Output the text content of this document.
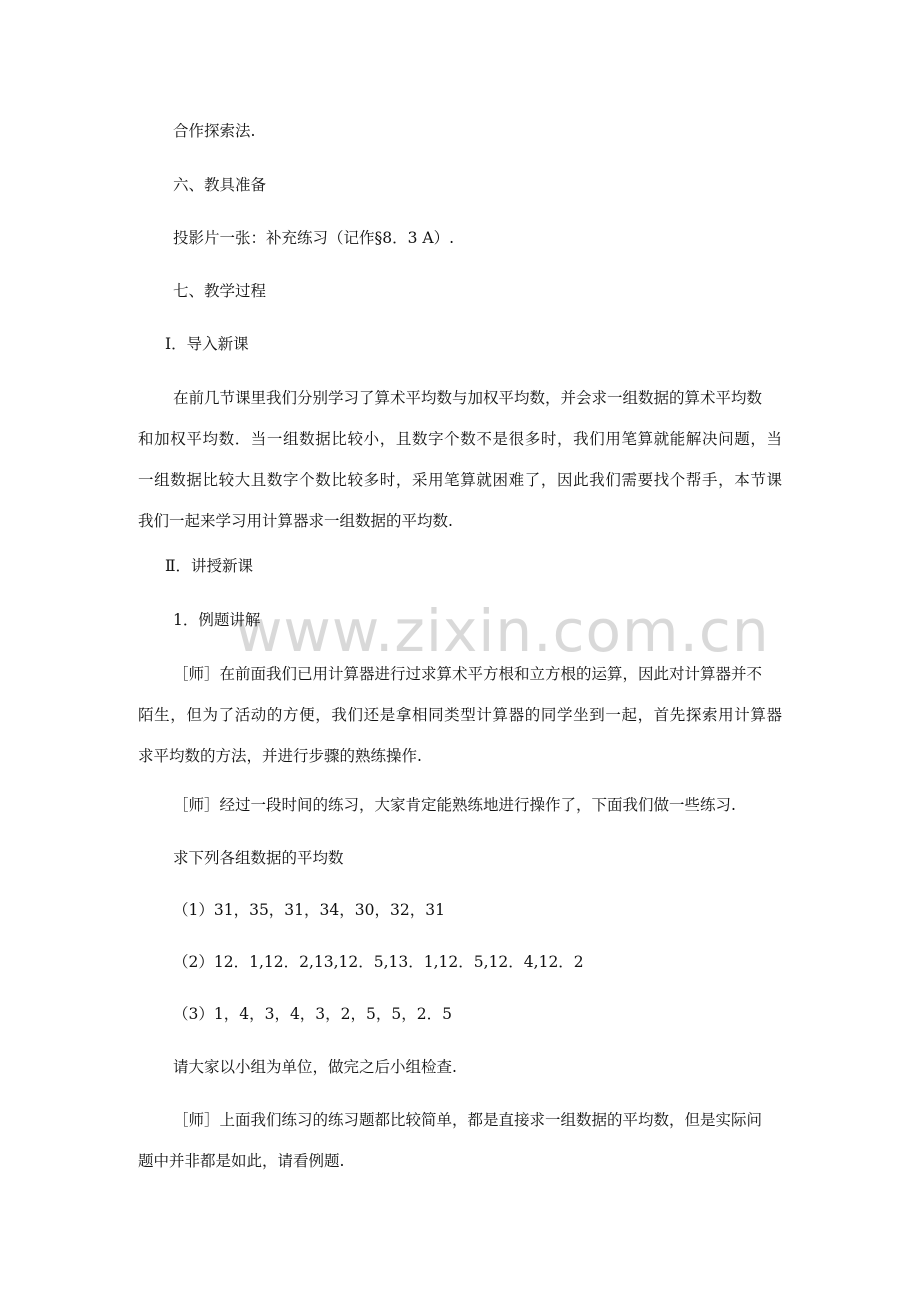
www.zixin.com.cn
合作探索法.
六、教具准备
投影片一张：补充练习（记作§8．3 A）.
七、教学过程
Ⅰ．导入新课
在前几节课里我们分别学习了算术平均数与加权平均数，并会求一组数据的算术平均数
和加权平均数．当一组数据比较小，且数字个数不是很多时，我们用笔算就能解决问题，当
一组数据比较大且数字个数比较多时，采用笔算就困难了，因此我们需要找个帮手，本节课
我们一起来学习用计算器求一组数据的平均数.
Ⅱ．讲授新课
1．例题讲解
［师］在前面我们已用计算器进行过求算术平方根和立方根的运算，因此对计算器并不
陌生，但为了活动的方便，我们还是拿相同类型计算器的同学坐到一起，首先探索用计算器
求平均数的方法，并进行步骤的熟练操作.
［师］经过一段时间的练习，大家肯定能熟练地进行操作了，下面我们做一些练习.
求下列各组数据的平均数
（1）31，35，31，34，30，32，31
（2）12．1,12．2,13,12．5,13．1,12．5,12．4,12．2
（3）1，4，3，4，3，2，5，5，2．5
请大家以小组为单位，做完之后小组检查.
［师］上面我们练习的练习题都比较简单，都是直接求一组数据的平均数，但是实际问
题中并非都是如此，请看例题.
